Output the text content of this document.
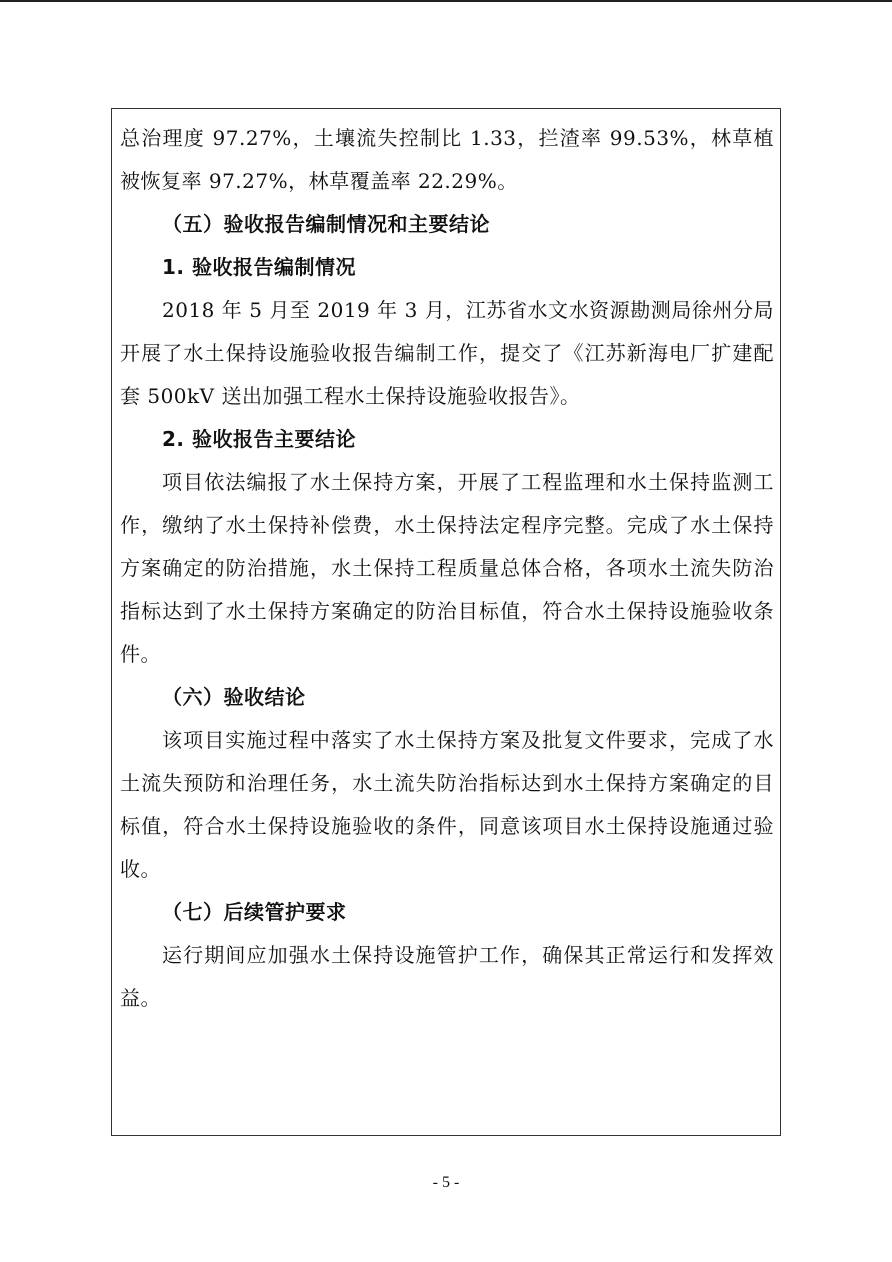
总治理度 97.27%，土壤流失控制比 1.33，拦渣率 99.53%，林草植被恢复率 97.27%，林草覆盖率 22.29%。

（五）验收报告编制情况和主要结论

1. 验收报告编制情况

2018 年 5 月至 2019 年 3 月，江苏省水文水资源勘测局徐州分局开展了水土保持设施验收报告编制工作，提交了《江苏新海电厂扩建配套 500kV 送出加强工程水土保持设施验收报告》。

2. 验收报告主要结论

项目依法编报了水土保持方案，开展了工程监理和水土保持监测工作，缴纳了水土保持补偿费，水土保持法定程序完整。完成了水土保持方案确定的防治措施，水土保持工程质量总体合格，各项水土流失防治指标达到了水土保持方案确定的防治目标值，符合水土保持设施验收条件。

（六）验收结论

该项目实施过程中落实了水土保持方案及批复文件要求，完成了水土流失预防和治理任务，水土流失防治指标达到水土保持方案确定的目标值，符合水土保持设施验收的条件，同意该项目水土保持设施通过验收。

（七）后续管护要求

运行期间应加强水土保持设施管护工作，确保其正常运行和发挥效益。

- 5 -
